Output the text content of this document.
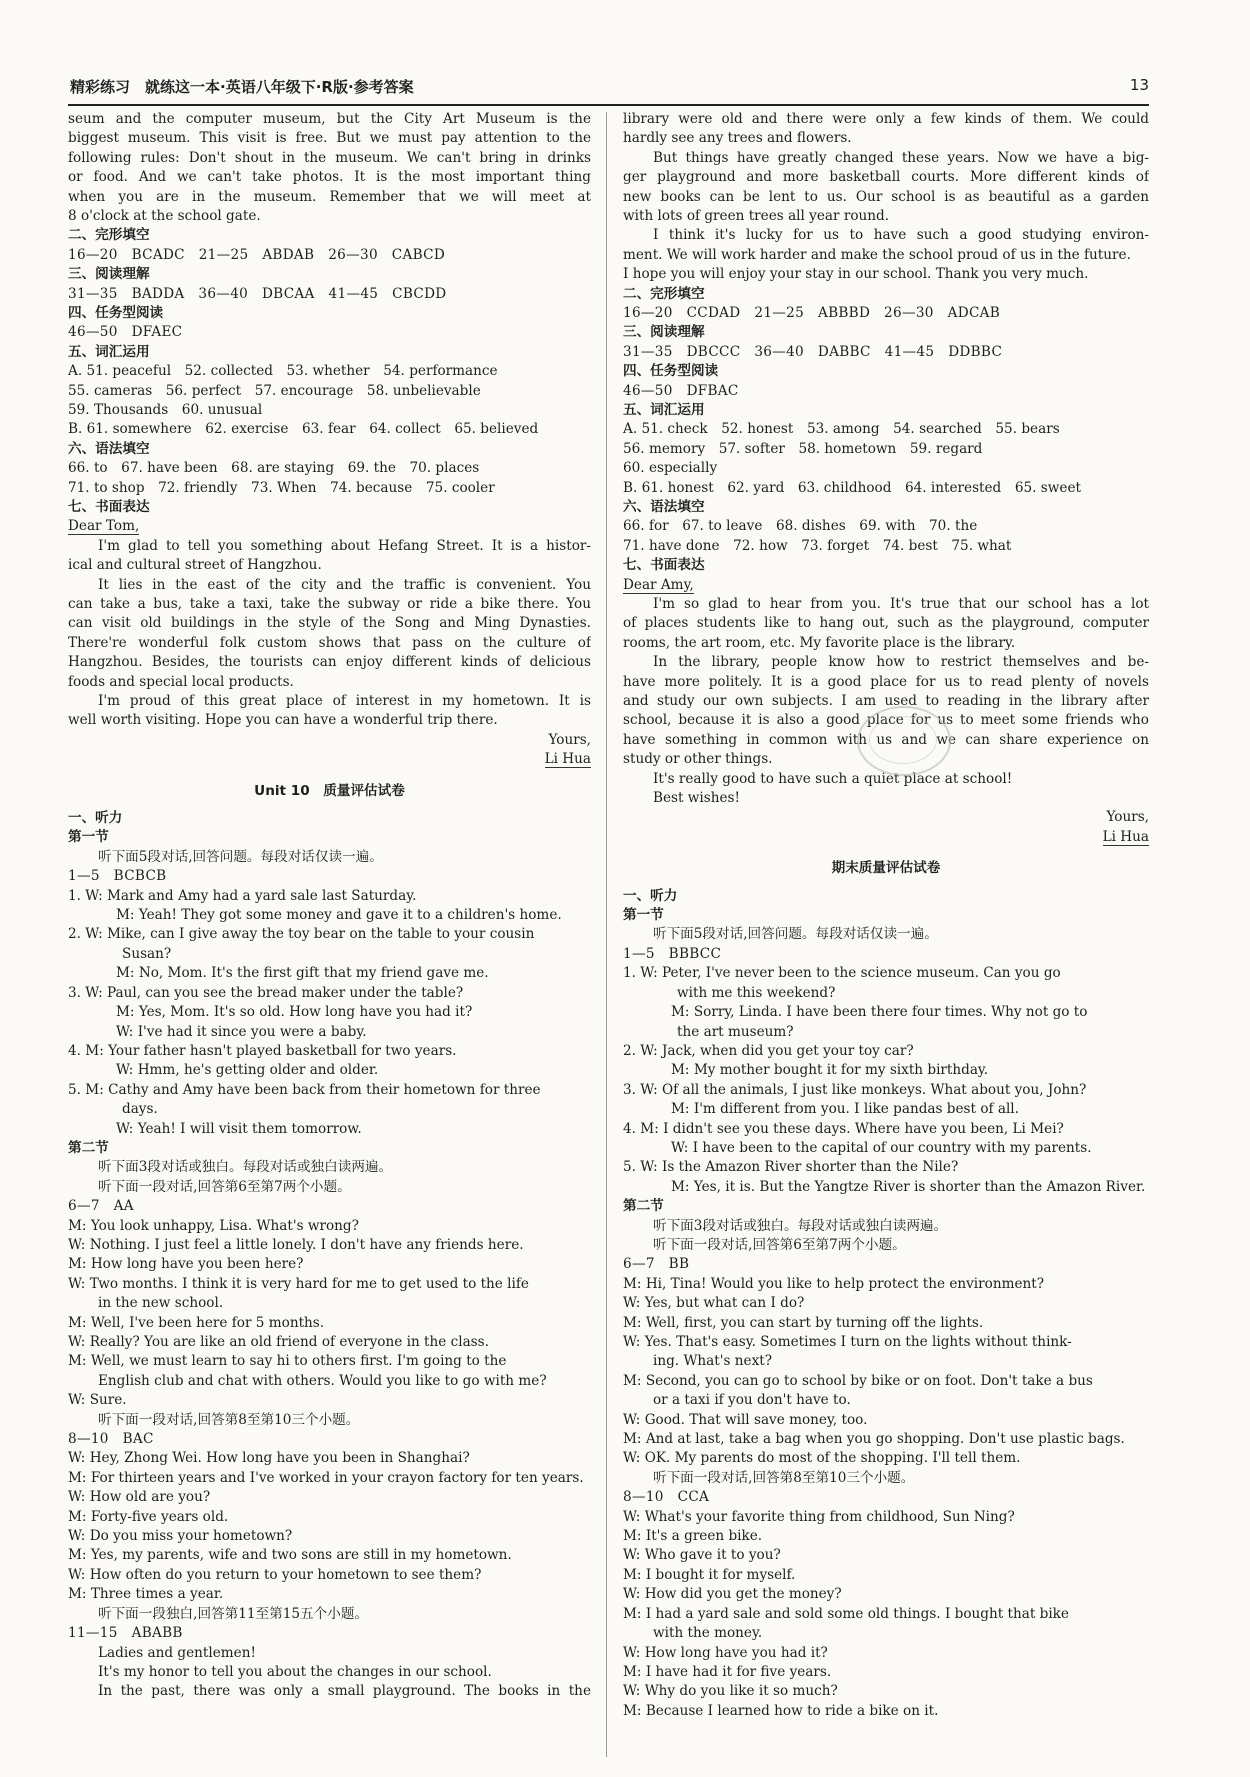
精彩练习　就练这一本·英语八年级下·R版·参考答案	13
seum and the computer museum, but the City Art Museum is the
biggest museum. This visit is free. But we must pay attention to the
following rules: Don't shout in the museum. We can't bring in drinks
or food. And we can't take photos. It is the most important thing
when you are in the museum. Remember that we will meet at
8 o'clock at the school gate.
二、完形填空
16—20　BCADC　21—25　ABDAB　26—30　CABCD
三、阅读理解
31—35　BADDA　36—40　DBCAA　41—45　CBCDD
四、任务型阅读
46—50　DFAEC
五、词汇运用
A. 51. peaceful　52. collected　53. whether　54. performance
55. cameras　56. perfect　57. encourage　58. unbelievable
59. Thousands　60. unusual
B. 61. somewhere　62. exercise　63. fear　64. collect　65. believed
六、语法填空
66. to　67. have been　68. are staying　69. the　70. places
71. to shop　72. friendly　73. When　74. because　75. cooler
七、书面表达
Dear Tom,
I'm glad to tell you something about Hefang Street. It is a histor-
ical and cultural street of Hangzhou.
It lies in the east of the city and the traffic is convenient. You
can take a bus, take a taxi, take the subway or ride a bike there. You
can visit old buildings in the style of the Song and Ming Dynasties.
There're wonderful folk custom shows that pass on the culture of
Hangzhou. Besides, the tourists can enjoy different kinds of delicious
foods and special local products.
I'm proud of this great place of interest in my hometown. It is
well worth visiting. Hope you can have a wonderful trip there.
Yours,
Li Hua
Unit 10　质量评估试卷
一、听力
第一节
听下面5段对话,回答问题。每段对话仅读一遍。
1—5　BCBCB
1. W: Mark and Amy had a yard sale last Saturday.
M: Yeah! They got some money and gave it to a children's home.
2. W: Mike, can I give away the toy bear on the table to your cousin
Susan?
M: No, Mom. It's the first gift that my friend gave me.
3. W: Paul, can you see the bread maker under the table?
M: Yes, Mom. It's so old. How long have you had it?
W: I've had it since you were a baby.
4. M: Your father hasn't played basketball for two years.
W: Hmm, he's getting older and older.
5. M: Cathy and Amy have been back from their hometown for three
days.
W: Yeah! I will visit them tomorrow.
第二节
听下面3段对话或独白。每段对话或独白读两遍。
听下面一段对话,回答第6至第7两个小题。
6—7　AA
M: You look unhappy, Lisa. What's wrong?
W: Nothing. I just feel a little lonely. I don't have any friends here.
M: How long have you been here?
W: Two months. I think it is very hard for me to get used to the life
in the new school.
M: Well, I've been here for 5 months.
W: Really? You are like an old friend of everyone in the class.
M: Well, we must learn to say hi to others first. I'm going to the
English club and chat with others. Would you like to go with me?
W: Sure.
听下面一段对话,回答第8至第10三个小题。
8—10　BAC
W: Hey, Zhong Wei. How long have you been in Shanghai?
M: For thirteen years and I've worked in your crayon factory for ten years.
W: How old are you?
M: Forty-five years old.
W: Do you miss your hometown?
M: Yes, my parents, wife and two sons are still in my hometown.
W: How often do you return to your hometown to see them?
M: Three times a year.
听下面一段独白,回答第11至第15五个小题。
11—15　ABABB
Ladies and gentlemen!
It's my honor to tell you about the changes in our school.
In the past, there was only a small playground. The books in the
library were old and there were only a few kinds of them. We could
hardly see any trees and flowers.
But things have greatly changed these years. Now we have a big-
ger playground and more basketball courts. More different kinds of
new books can be lent to us. Our school is as beautiful as a garden
with lots of green trees all year round.
I think it's lucky for us to have such a good studying environ-
ment. We will work harder and make the school proud of us in the future.
I hope you will enjoy your stay in our school. Thank you very much.
二、完形填空
16—20　CCDAD　21—25　ABBBD　26—30　ADCAB
三、阅读理解
31—35　DBCCC　36—40　DABBC　41—45　DDBBC
四、任务型阅读
46—50　DFBAC
五、词汇运用
A. 51. check　52. honest　53. among　54. searched　55. bears
56. memory　57. softer　58. hometown　59. regard
60. especially
B. 61. honest　62. yard　63. childhood　64. interested　65. sweet
六、语法填空
66. for　67. to leave　68. dishes　69. with　70. the
71. have done　72. how　73. forget　74. best　75. what
七、书面表达
Dear Amy,
I'm so glad to hear from you. It's true that our school has a lot
of places students like to hang out, such as the playground, computer
rooms, the art room, etc. My favorite place is the library.
In the library, people know how to restrict themselves and be-
have more politely. It is a good place for us to read plenty of novels
and study our own subjects. I am used to reading in the library after
school, because it is also a good place for us to meet some friends who
have something in common with us and we can share experience on
study or other things.
It's really good to have such a quiet place at school!
Best wishes!
Yours,
Li Hua
期末质量评估试卷
一、听力
第一节
听下面5段对话,回答问题。每段对话仅读一遍。
1—5　BBBCC
1. W: Peter, I've never been to the science museum. Can you go
with me this weekend?
M: Sorry, Linda. I have been there four times. Why not go to
the art museum?
2. W: Jack, when did you get your toy car?
M: My mother bought it for my sixth birthday.
3. W: Of all the animals, I just like monkeys. What about you, John?
M: I'm different from you. I like pandas best of all.
4. M: I didn't see you these days. Where have you been, Li Mei?
W: I have been to the capital of our country with my parents.
5. W: Is the Amazon River shorter than the Nile?
M: Yes, it is. But the Yangtze River is shorter than the Amazon River.
第二节
听下面3段对话或独白。每段对话或独白读两遍。
听下面一段对话,回答第6至第7两个小题。
6—7　BB
M: Hi, Tina! Would you like to help protect the environment?
W: Yes, but what can I do?
M: Well, first, you can start by turning off the lights.
W: Yes. That's easy. Sometimes I turn on the lights without think-
ing. What's next?
M: Second, you can go to school by bike or on foot. Don't take a bus
or a taxi if you don't have to.
W: Good. That will save money, too.
M: And at last, take a bag when you go shopping. Don't use plastic bags.
W: OK. My parents do most of the shopping. I'll tell them.
听下面一段对话,回答第8至第10三个小题。
8—10　CCA
W: What's your favorite thing from childhood, Sun Ning?
M: It's a green bike.
W: Who gave it to you?
M: I bought it for myself.
W: How did you get the money?
M: I had a yard sale and sold some old things. I bought that bike
with the money.
W: How long have you had it?
M: I have had it for five years.
W: Why do you like it so much?
M: Because I learned how to ride a bike on it.
